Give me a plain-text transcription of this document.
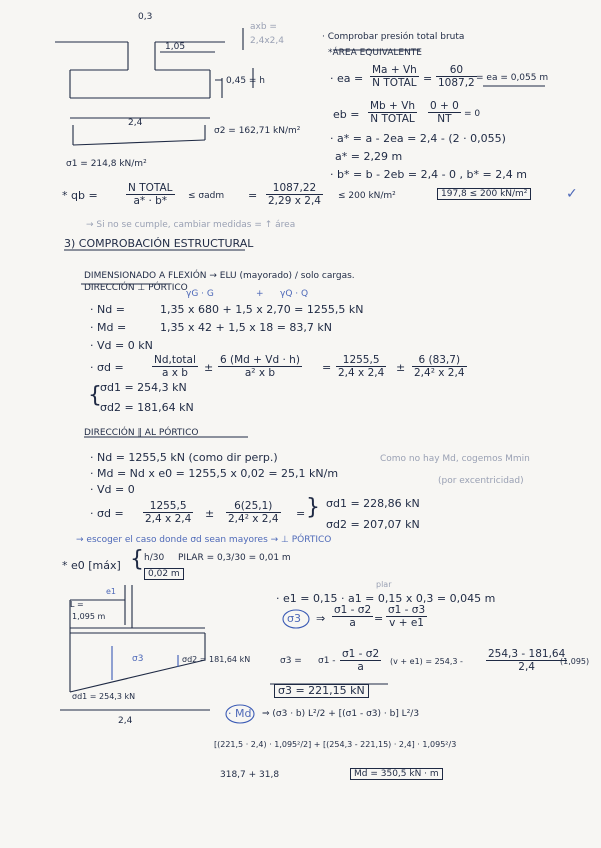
0,3
1,05
0,45 = h
2,4
σ2 = 162,71 kN/m²
σ1 = 214,8 kN/m²
axb =
2,4x2,4	· Comprobar presión total bruta
*ÁREA EQUIVALENTE
· ea =
Ma + Vh
N TOTAL = $\frac{60}{1087,2}$ = ea = 0,055 m
eb =
Mb + Vh
N TOTAL $\frac{0 + 0}{NT} = 0$
· a* = a - 2ea = 2,4 - (2 · 0,055)
a* = 2,29 m
· b* = b - 2eb = 2,4 - 0 , b* = 2,4 m
* qb =
N TOTAL
a* · b*	≤ $\sigma adm = \frac{1087,22}{2,29 x 2,4} \le 200$ kN/m²	197,8 ≤ 200 kN/m²	✓
→ Si no se cumple, cambiar medidas = ↑ área
3) COMPROBACIÓN ESTRUCTURAL
DIMENSIONADO A FLEXIÓN → ELU (mayorado) / solo cargas.
DIRECCIÓN ⊥ PÓRTICO
γG · G	+ γQ · Q
· Nd =	1,35 x 680 + 1,5 x 2,70 = 1255,5 kN
· Md =	1,35 x 42 + 1,5 x 18 = 83,7 kN
· Vd = 0 kN
· σd =
Nd,total
a x b	± $\frac{6 (Md + Vd \cdot h)}{\text{a² x b}} = \frac{1255,5}{2,4 x 2,4} \pm \frac{6 (83,7)}{\text{2,4² x 2,4}}$
{
σd1 = 254,3 kN
σd2 = 181,64 kN
DIRECCIÓN ∥ AL PÓRTICO
· Nd = 1255,5 kN (como dir perp.)	Como no hay Md, cogemos Mmin
(por excentricidad)
· Md = Nd x e0 = 1255,5 x 0,02 = 25,1 kN/m
· Vd = 0
· $\sigma d = \frac{1255,5}{2,4 x 2,4} \pm \frac{6(25,1)}{\text{2,4² x 2,4}}$ = } σd1 = 228,86 kN
σd2 = 207,07 kN
→ escoger el caso donde σd sean mayores → ⊥ PÓRTICO
* e0 [máx] { h/30 PILAR = 0,3/30 = 0,01 m
0,02 m
e1
L =
1,095 m
plar
σ3	σd2 = 181,64 kN
σd1 = 254,3 kN
2,4
· e1 = 0,15 · a1 = 0,15 x 0,3 = 0,045 m
σ3 ⇒ $\frac{\sigma 1 - \sigma 2}{a} = \frac{\sigma 1 - \sigma 3}{v + e1}$
$\sigma 3 = \sigma 1 - \frac{\sigma 1 - \sigma 2}{a} (v + e1) = 254,3 - \frac{254,3 - 181,64}{2,4}$
(1,095)
σ3 = 221,15 kN
· Md ⇒ (σ3 · b) L²/2 + [(σ1 - σ3) · b] L²/3
[(221,5 · 2,4) · 1,095²/2] + [(254,3 - 221,15) · 2,4] · 1,095²/3
318,7 + 31,8	Md = 350,5 kN · m
